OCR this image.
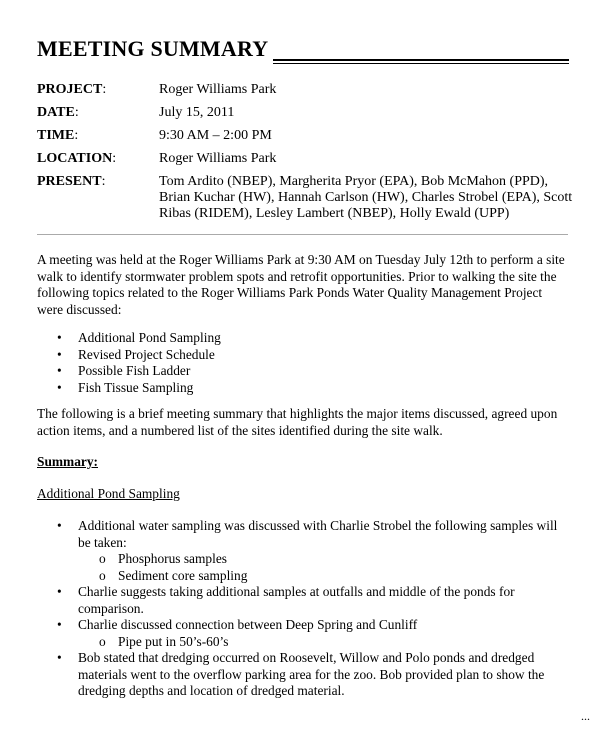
MEETING SUMMARY
PROJECT:	Roger Williams Park
DATE:	July 15, 2011
TIME:	9:30 AM – 2:00 PM
LOCATION:	Roger Williams Park
PRESENT:	Tom Ardito (NBEP), Margherita Pryor (EPA), Bob McMahon (PPD), Brian Kuchar (HW), Hannah Carlson (HW), Charles Strobel (EPA), Scott Ribas (RIDEM), Lesley Lambert (NBEP), Holly Ewald (UPP)

A meeting was held at the Roger Williams Park at 9:30 AM on Tuesday July 12th to perform a site walk to identify stormwater problem spots and retrofit opportunities. Prior to walking the site the following topics related to the Roger Williams Park Ponds Water Quality Management Project were discussed:

• Additional Pond Sampling
• Revised Project Schedule
• Possible Fish Ladder
• Fish Tissue Sampling

The following is a brief meeting summary that highlights the major items discussed, agreed upon action items, and a numbered list of the sites identified during the site walk.

Summary:

Additional Pond Sampling

• Additional water sampling was discussed with Charlie Strobel the following samples will be taken:
o Phosphorus samples
o Sediment core sampling
• Charlie suggests taking additional samples at outfalls and middle of the ponds for comparison.
• Charlie discussed connection between Deep Spring and Cunliff
o Pipe put in 50’s-60’s
• Bob stated that dredging occurred on Roosevelt, Willow and Polo ponds and dredged materials went to the overflow parking area for the zoo. Bob provided plan to show the dredging depths and location of dredged material.
...
